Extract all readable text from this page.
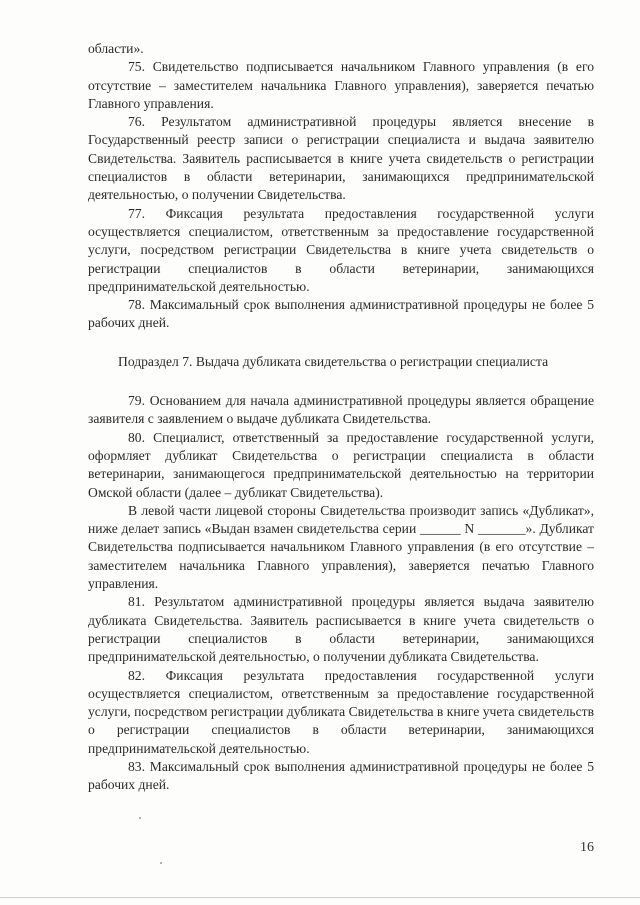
области».

75. Свидетельство подписывается начальником Главного управления (в его отсутствие – заместителем начальника Главного управления), заверяется печатью Главного управления.

76. Результатом административной процедуры является внесение в Государственный реестр записи о регистрации специалиста и выдача заявителю Свидетельства. Заявитель расписывается в книге учета свидетельств о регистрации специалистов в области ветеринарии, занимающихся предпринимательской деятельностью, о получении Свидетельства.

77. Фиксация результата предоставления государственной услуги осуществляется специалистом, ответственным за предоставление государственной услуги, посредством регистрации Свидетельства в книге учета свидетельств о регистрации специалистов в области ветеринарии, занимающихся предпринимательской деятельностью.

78. Максимальный срок выполнения административной процедуры не более 5 рабочих дней.

Подраздел 7. Выдача дубликата свидетельства о регистрации специалиста

79. Основанием для начала административной процедуры является обращение заявителя с заявлением о выдаче дубликата Свидетельства.

80. Специалист, ответственный за предоставление государственной услуги, оформляет дубликат Свидетельства о регистрации специалиста в области ветеринарии, занимающегося предпринимательской деятельностью на территории Омской области (далее – дубликат Свидетельства).

В левой части лицевой стороны Свидетельства производит запись «Дубликат», ниже делает запись «Выдан взамен свидетельства серии ______ N _______». Дубликат Свидетельства подписывается начальником Главного управления (в его отсутствие – заместителем начальника Главного управления), заверяется печатью Главного управления.

81. Результатом административной процедуры является выдача заявителю дубликата Свидетельства. Заявитель расписывается в книге учета свидетельств о регистрации специалистов в области ветеринарии, занимающихся предпринимательской деятельностью, о получении дубликата Свидетельства.

82. Фиксация результата предоставления государственной услуги осуществляется специалистом, ответственным за предоставление государственной услуги, посредством регистрации дубликата Свидетельства в книге учета свидетельств о регистрации специалистов в области ветеринарии, занимающихся предпринимательской деятельностью.

83. Максимальный срок выполнения административной процедуры не более 5 рабочих дней.

16
